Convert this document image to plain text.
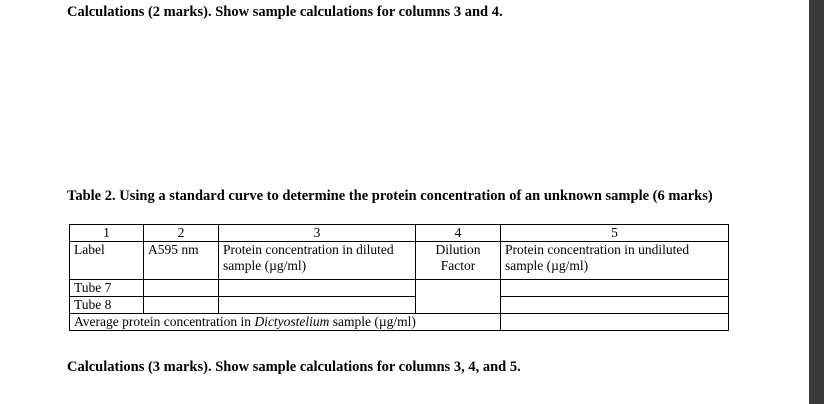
Calculations (2 marks). Show sample calculations for columns 3 and 4.
Table 2. Using a standard curve to determine the protein concentration of an unknown sample (6 marks)
1	2	3	4	5
Label	A595 nm	Protein concentration in diluted sample (µg/ml)	Dilution Factor	Protein concentration in undiluted sample (µg/ml)
Tube 7				
Tube 8				
Average protein concentration in Dictyostelium sample (µg/ml)				
Calculations (3 marks). Show sample calculations for columns 3, 4, and 5.
